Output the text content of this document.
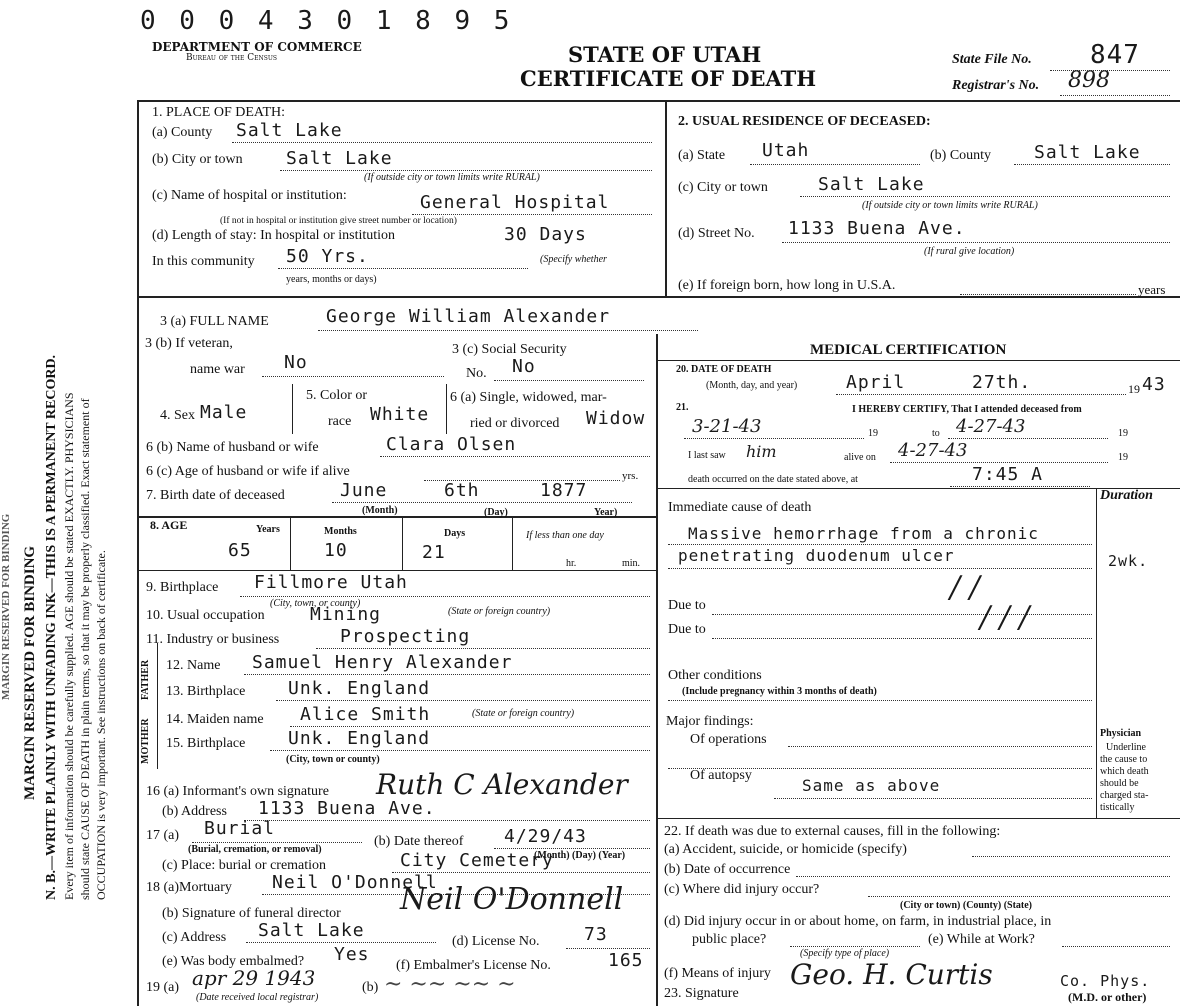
MARGIN RESERVED FOR BINDING MARGIN RESERVED FOR BINDING N. B.—WRITE PLAINLY WITH UNFADING INK—THIS IS A PERMANENT RECORD. Every item of information should be carefully supplied. AGE should be stated EXACTLY. PHYSICIANS should state CAUSE OF DEATH in plain terms, so that it may be properly classified. Exact statement of OCCUPATION is very important. See instructions on back of certificate.
0 0 0 4 3 0 1 8 9 5
DEPARTMENT OF COMMERCE
Bureau of the Census	STATE OF UTAH
CERTIFICATE OF DEATH
State File No. 847
Registrar's No. 898
1. PLACE OF DEATH:
(a) County Salt Lake
(b) City or town Salt Lake
(If outside city or town limits write RURAL)
(c) Name of hospital or institution:	General Hospital
(If not in hospital or institution give street number or location)
(d) Length of stay: In hospital or institution	30 Days
In this community 50 Yrs.	(Specify whether
years, months or days)
2. USUAL RESIDENCE OF DECEASED:
(a) State Utah	(b) County Salt Lake
(c) City or town	Salt Lake
(If outside city or town limits write RURAL)
(d) Street No. 1133 Buena Ave.
(If rural give location)
(e) If foreign born, how long in U.S.A.	years
3 (a) FULL NAME	George William Alexander
3 (b) If veteran,
name war No
3 (c) Social Security
No. No
4. Sex Male
5. Color or
race White
6 (a) Single, widowed, mar-
ried or divorced Widow
6 (b) Name of husband or wife	Clara Olsen
6 (c) Age of husband or wife if alive	yrs.
7. Birth date of deceased	June	6th	1877
(Month)	(Day)	Year)
8. AGE	Years	Months	Days	If less than one day
65	10	21
hr.	min.
9. Birthplace Fillmore Utah
(City, town, or county)
(State or foreign country)
10. Usual occupation	Mining
11. Industry or business	Prospecting
FATHER
MOTHER
12. Name Samuel Henry Alexander
13. Birthplace Unk. England
14. Maiden name Alice Smith	(State or foreign country)
15. Birthplace Unk. England
(City, town or county)
16 (a) Informant's own signature Ruth C Alexander
(b) Address 1133 Buena Ave.
17 (a) Burial
(Burial, cremation, or removal)
(b) Date thereof 4/29/43
(Month) (Day) (Year)
(c) Place: burial or cremation	City Cemetery
18 (a)Mortuary Neil O'Donnell
(b) Signature of funeral director Neil O'Donnell
(c) Address Salt Lake
(d) License No. 73
(e) Was body embalmed? Yes
(f) Embalmer's License No.	165
19 (a) apr 29 1943
(Date received local registrar)
(b) ~ ~~ ~~ ~
MEDICAL CERTIFICATION
20. DATE OF DEATH
(Month, day, and year)	April	27th.	19 43
21.	I HEREBY CERTIFY, That I attended deceased from
3-21-43	19	to 4-27-43	19
I last saw him	alive on 4-27-43	19
death occurred on the date stated above, at	7:45 A
Duration
Immediate cause of death
Massive hemorrhage from a chronic
penetrating duodenum ulcer	2wk.
Due to
/ /
Due to	/ / /
Other conditions
(Include pregnancy within 3 months of death)
Major findings:
Of operations
Of autopsy
Same as above
Physician
Underline
the cause to
which death
should be
charged sta-
tistically
22. If death was due to external causes, fill in the following:
(a) Accident, suicide, or homicide (specify)
(b) Date of occurrence
(c) Where did injury occur?
(City or town) (County) (State)
(d) Did injury occur in or about home, on farm, in industrial place, in
public place?
(Specify type of place)
(e) While at Work?
(f) Means of injury
23. Signature
Geo. H. Curtis	Co. Phys.
(M.D. or other)
